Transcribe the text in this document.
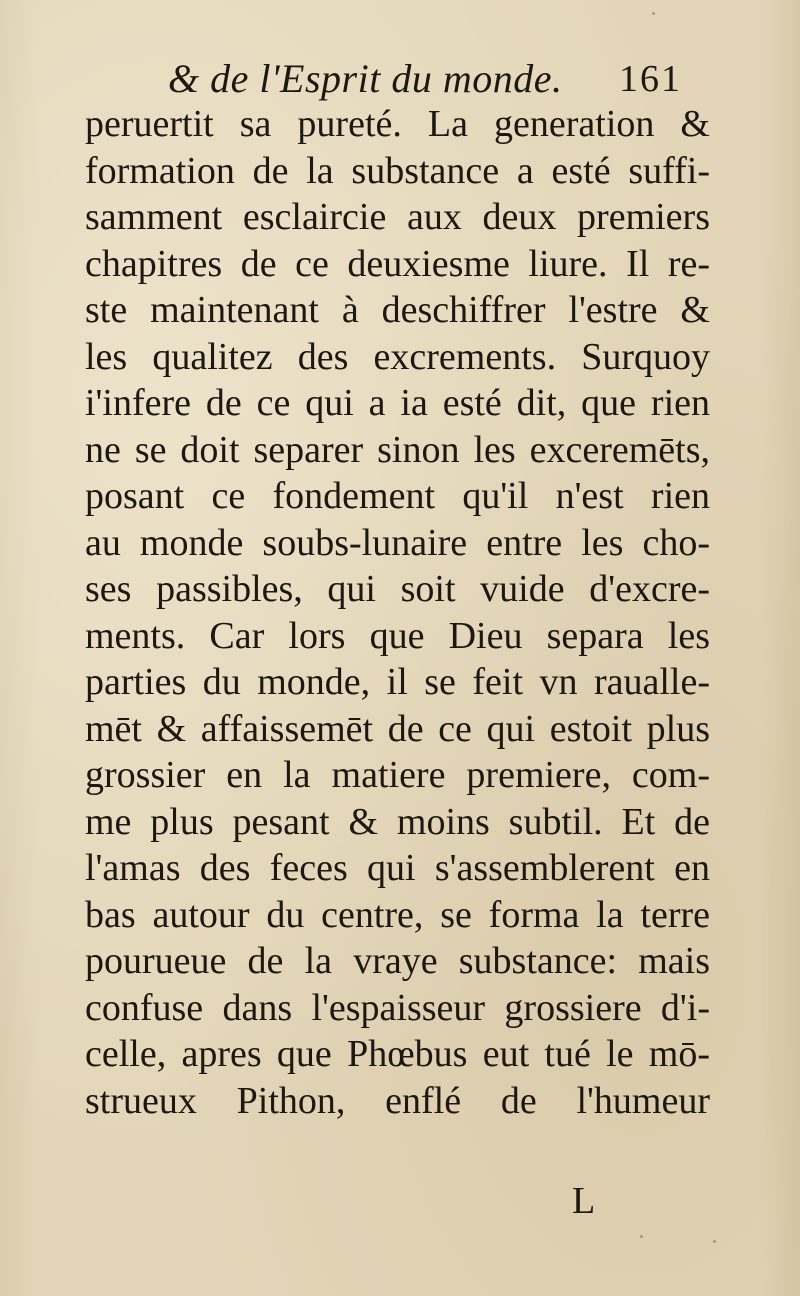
& de l'Esprit du monde. 161
peruertit sa pureté. La generation &
formation de la substance a esté suffi-
samment esclaircie aux deux premiers
chapitres de ce deuxiesme liure. Il re-
ste maintenant à deschiffrer l'estre &
les qualitez des excrements. Surquoy
i'infere de ce qui a ia esté dit, que rien
ne se doit separer sinon les exceremēts,
posant ce fondement qu'il n'est rien
au monde soubs-lunaire entre les cho-
ses passibles, qui soit vuide d'excre-
ments. Car lors que Dieu separa les
parties du monde, il se feit vn rauallе-
mēt & affaissemēt de ce qui estoit plus
grossier en la matiere premiere, com-
me plus pesant & moins subtil. Et de
l'amas des feces qui s'assemblerent en
bas autour du centre, se forma la terre
pourueue de la vraye substance: mais
confuse dans l'espaisseur grossiere d'i-
celle, apres que Phœbus eut tué le mō-
strueux Pithon, enflé de l'humeur
L
